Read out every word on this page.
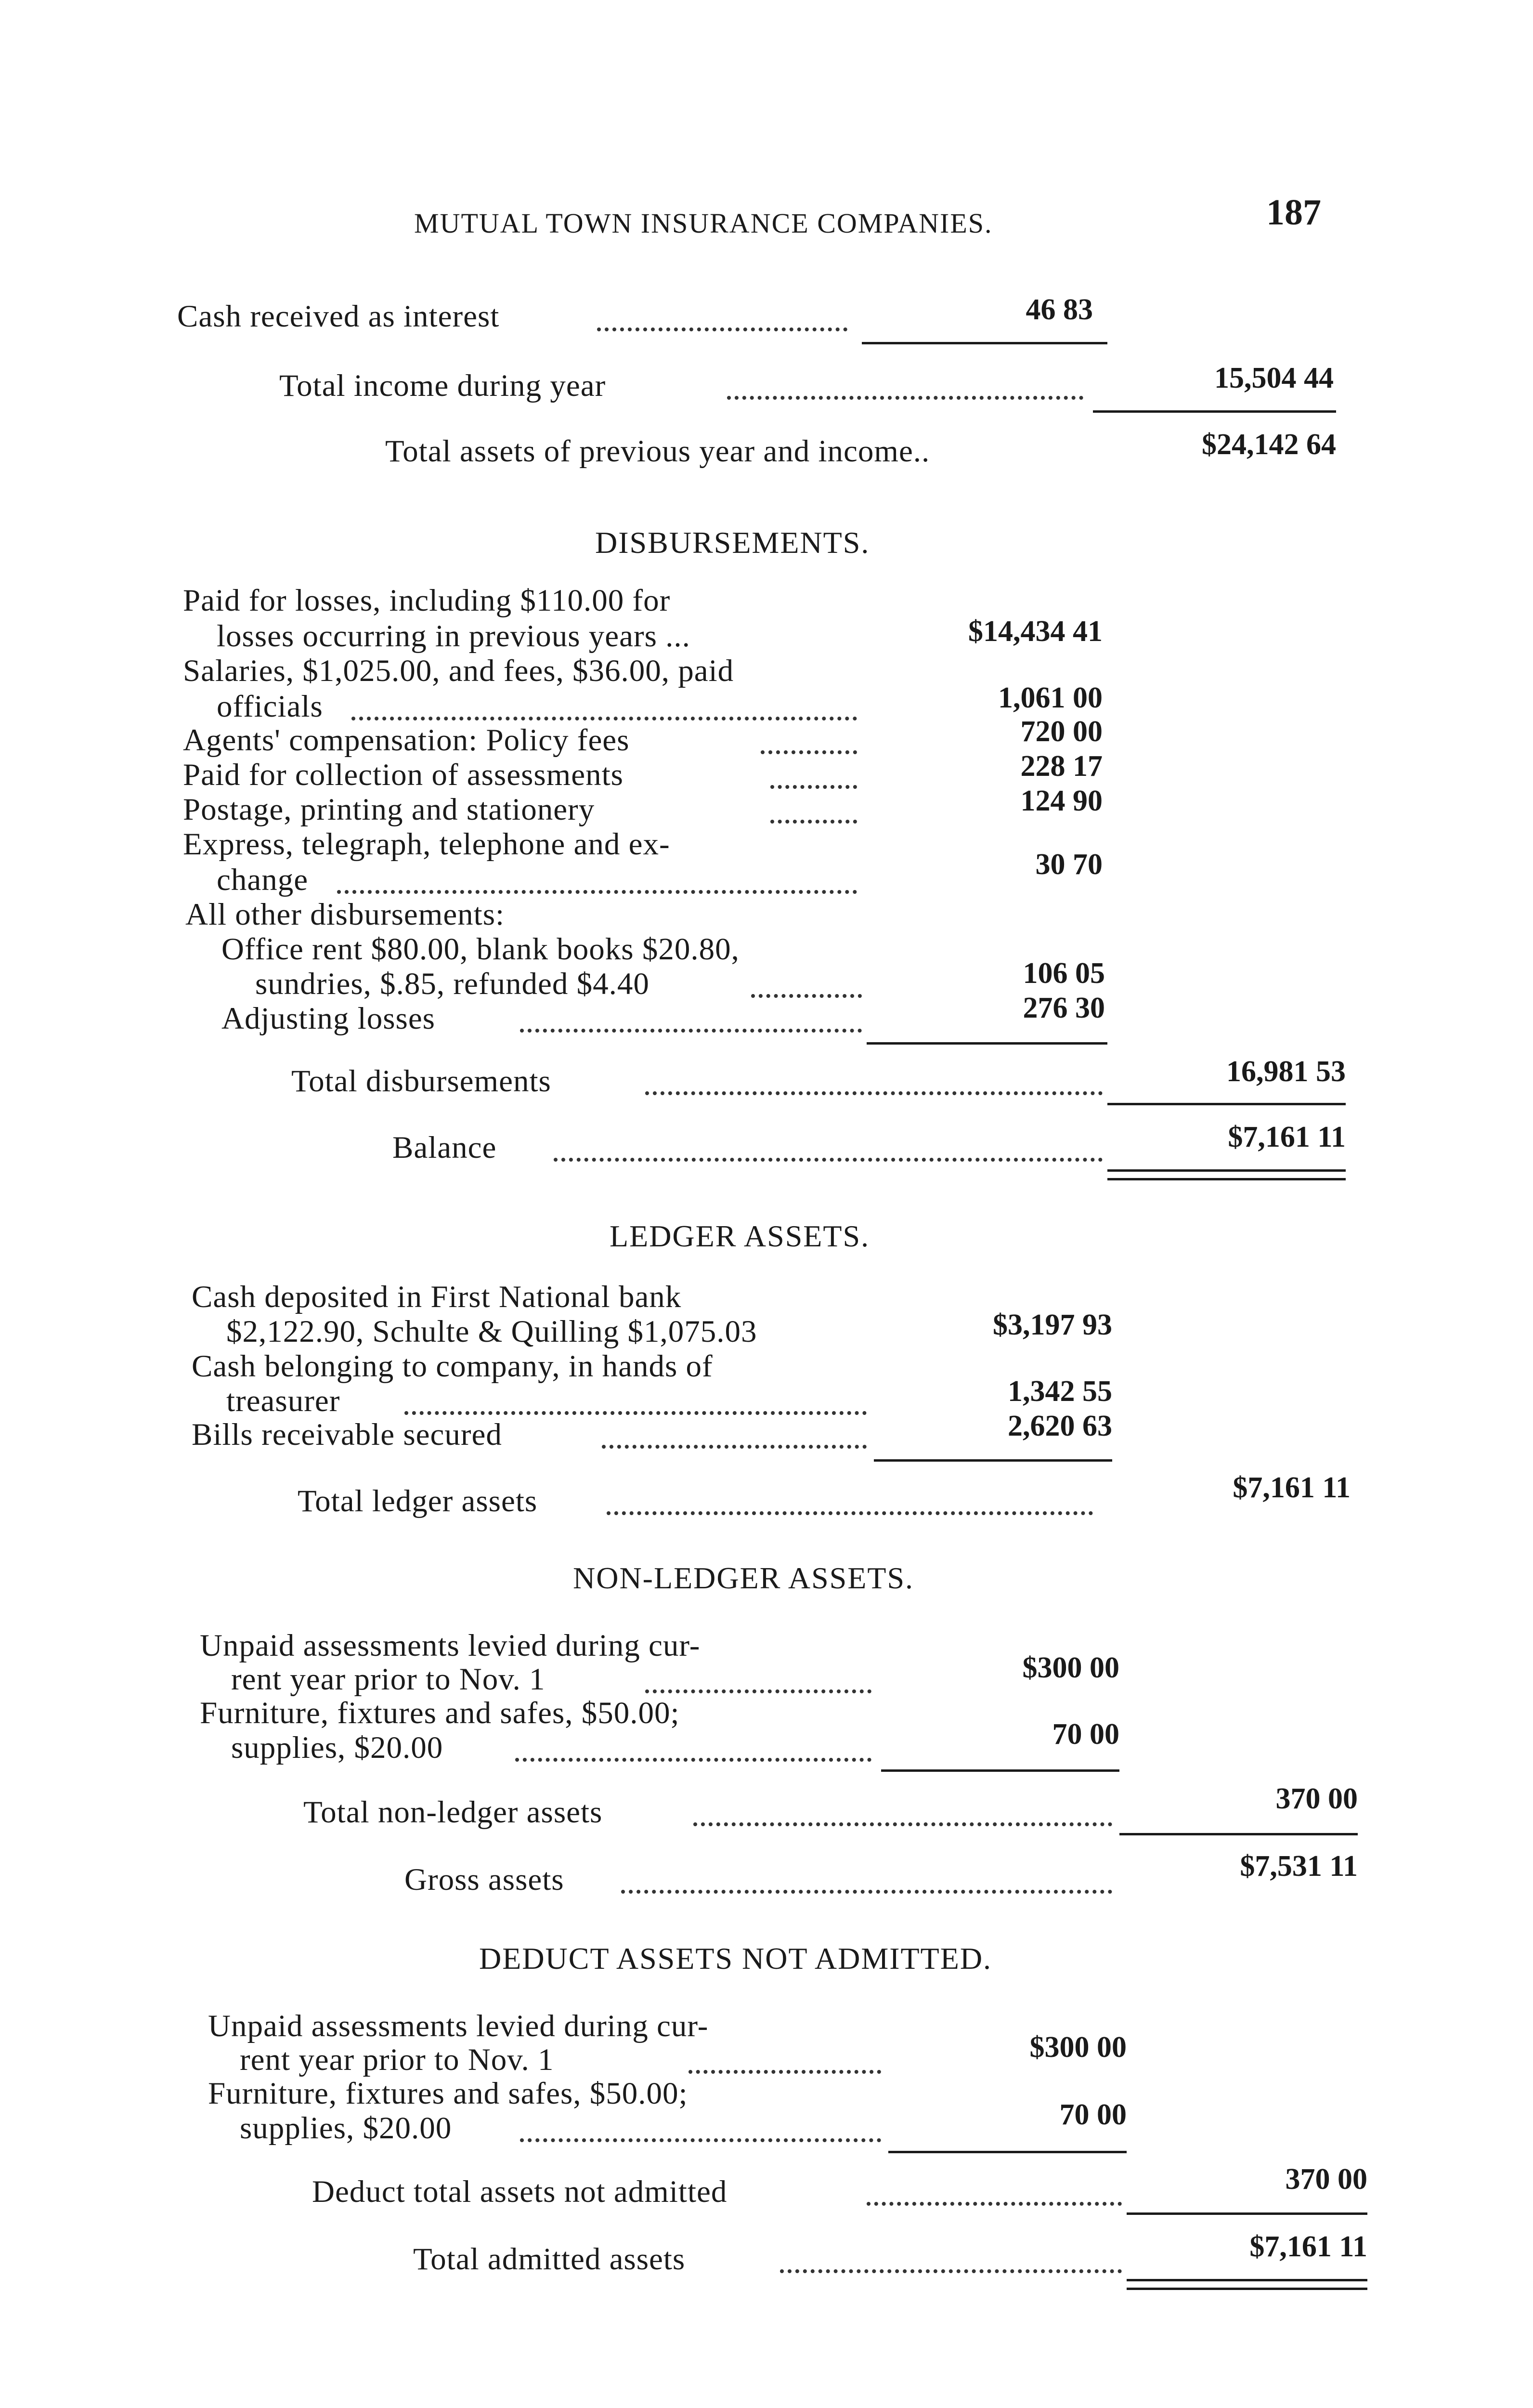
MUTUAL TOWN INSURANCE COMPANIES.	187
Cash received as interest	46 83
Total income during year	15,504 44
Total assets of previous year and income..	$24,142 64
DISBURSEMENTS.
Paid for losses, including $110.00 for
losses occurring in previous years ...	$14,434 41
Salaries, $1,025.00, and fees, $36.00, paid
officials	1,061 00
Agents' compensation: Policy fees	720 00
Paid for collection of assessments	228 17
Postage, printing and stationery	124 90
Express, telegraph, telephone and ex-
change	30 70
All other disbursements:
Office rent $80.00, blank books $20.80,
sundries, $.85, refunded $4.40	106 05
Adjusting losses	276 30
Total disbursements	16,981 53
Balance	$7,161 11
LEDGER ASSETS.
Cash deposited in First National bank
$2,122.90, Schulte & Quilling $1,075.03	$3,197 93
Cash belonging to company, in hands of
treasurer	1,342 55
Bills receivable secured	2,620 63
Total ledger assets	$7,161 11
NON-LEDGER ASSETS.
Unpaid assessments levied during cur-
rent year prior to Nov. 1	$300 00
Furniture, fixtures and safes, $50.00;
supplies, $20.00	70 00
Total non-ledger assets	370 00
Gross assets	$7,531 11
DEDUCT ASSETS NOT ADMITTED.
Unpaid assessments levied during cur-
rent year prior to Nov. 1	$300 00
Furniture, fixtures and safes, $50.00;
supplies, $20.00	70 00
Deduct total assets not admitted	370 00
Total admitted assets	$7,161 11
